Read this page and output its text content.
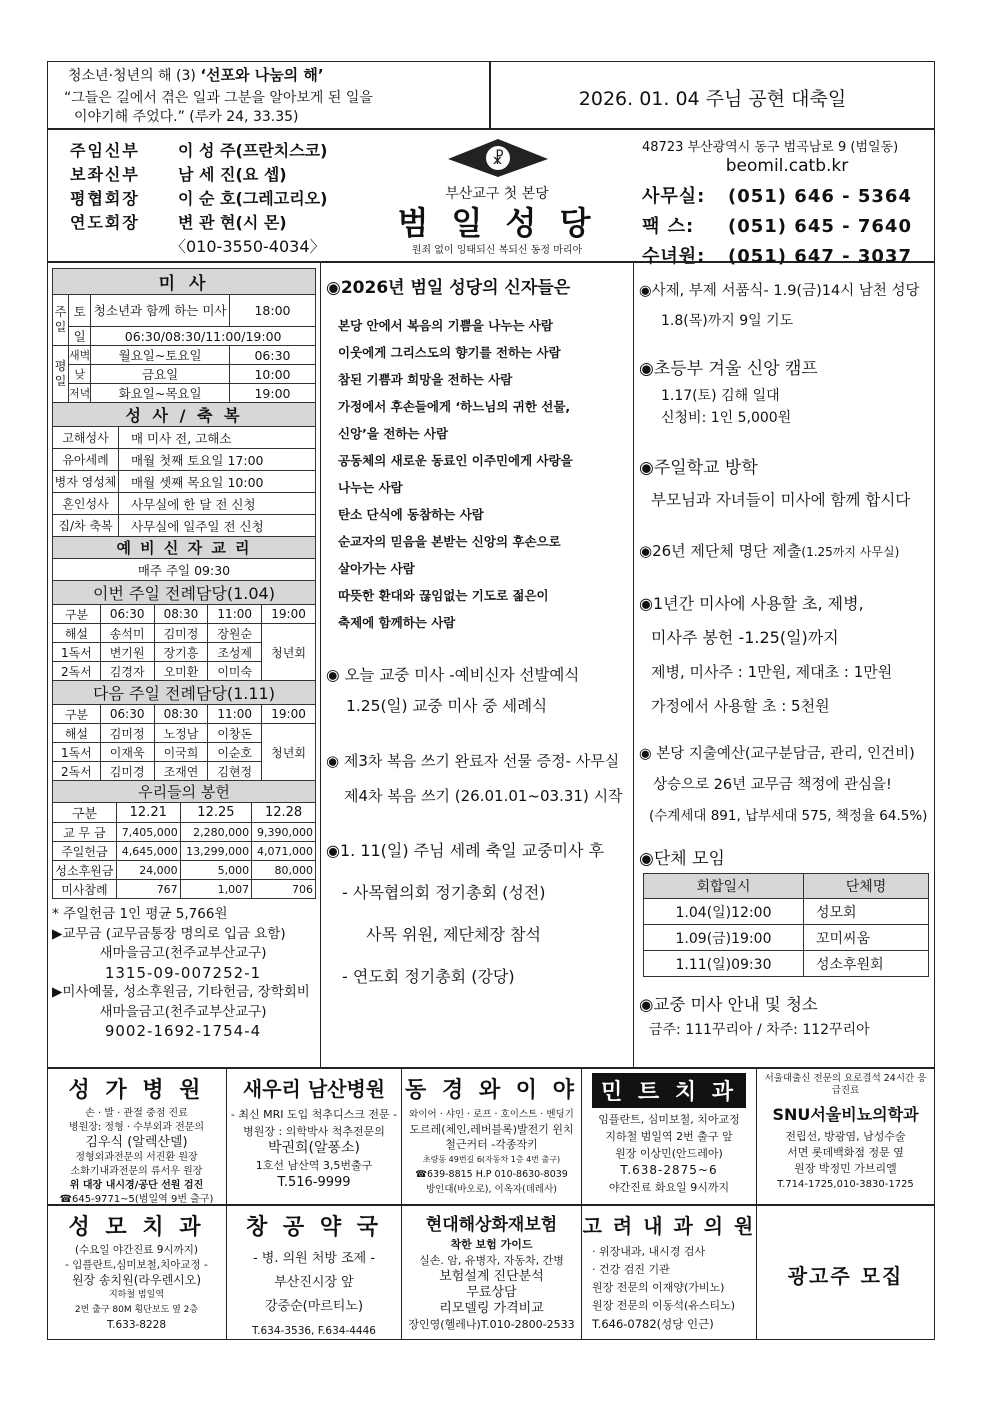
청소년·청년의 해 (3) ‘선포와 나눔의 해’
“그들은 길에서 겪은 일과 그분을 알아보게 된 일을
이야기해 주었다.” (루카 24, 33.35)
2026. 01. 04 주님 공현 대축일
주임신부 이 성 주(프란치스코)
보좌신부 남 세 진(요 셉)
평협회장 이 순 호(그레고리오)
연도회장 변 관 현(시 몬)
〈010-3550-4034〉
☧
부산교구 첫 본당
범 일 성 당
원죄 없이 잉태되신 복되신 동정 마리아
48723 부산광역시 동구 범곡남로 9 (범일동)
beomil.catb.kr
사무실: (051) 646 - 5364
팩 스: (051) 645 - 7640
수녀원: (051) 647 - 3037
미 사			
주일	토	청소년과 함께 하는 미사	18:00
	일	06:30/08:30/11:00/19:00	
평일	새벽	월요일~토요일	06:30
	낮	금요일	10:00
	저녁	화요일~목요일	19:00
성 사 / 축 복	
고해성사	매 미사 전, 고해소
유아세례	매월 첫째 토요일 17:00
병자 영성체	매월 셋째 목요일 10:00
혼인성사	사무실에 한 달 전 신청
집/차 축복	사무실에 일주일 전 신청
예 비 신 자 교 리	
매주 주일 09:30	
이번 주일 전례담당(1.04)				
구분	06:30	08:30	11:00	19:00
해설	송석미	김미정	장원순	청년회
1독서	변기원	장기흥	조성제	
2독서	김경자	오미환	이미숙	
다음 주일 전례담당(1.11)				
구분	06:30	08:30	11:00	19:00
해설	김미정	노정남	이창돈	청년회
1독서	이재욱	이국희	이순호	
2독서	김미경	조재연	김현정	
우리들의 봉헌			
구분	12.21	12.25	12.28
교 무 금	7,405,000	2,280,000	9,390,000
주일헌금	4,645,000	13,299,000	4,071,000
성소후원금	24,000	5,000	80,000
미사참례	767	1,007	706
* 주일헌금 1인 평균 5,766원
▶교무금 (교무금통장 명의로 입금 요함)
새마을금고(천주교부산교구)
1315-09-007252-1
▶미사예물, 성소후원금, 기타헌금, 장학회비
새마을금고(천주교부산교구)
9002-1692-1754-4
◉2026년 범일 성당의 신자들은
본당 안에서 복음의 기쁨을 나누는 사람
이웃에게 그리스도의 향기를 전하는 사람
참된 기쁨과 희망을 전하는 사람
가정에서 후손들에게 ‘하느님의 귀한 선물,
신앙’을 전하는 사람
공동체의 새로운 동료인 이주민에게 사랑을
나누는 사람
탄소 단식에 동참하는 사람
순교자의 믿음을 본받는 신앙의 후손으로
살아가는 사람
따뜻한 환대와 끊임없는 기도로 젊은이
축제에 함께하는 사람
◉ 오늘 교중 미사 -예비신자 선발예식
1.25(일) 교중 미사 중 세례식
◉ 제3차 복음 쓰기 완료자 선물 증정- 사무실
제4차 복음 쓰기 (26.01.01~03.31) 시작
◉1. 11(일) 주님 세례 축일 교중미사 후
- 사목협의회 정기총회 (성전)
사목 위원, 제단체장 참석
- 연도회 정기총회 (강당)
◉사제, 부제 서품식- 1.9(금)14시 남천 성당
1.8(목)까지 9일 기도
◉초등부 겨울 신앙 캠프
1.17(토) 김해 일대
신청비: 1인 5,000원
◉주일학교 방학
부모님과 자녀들이 미사에 함께 합시다
◉26년 제단체 명단 제출(1.25까지 사무실)
◉1년간 미사에 사용할 초, 제병,
미사주 봉헌 -1.25(일)까지
제병, 미사주 : 1만원, 제대초 : 1만원
가정에서 사용할 초 : 5천원
◉ 본당 지출예산(교구분담금, 관리, 인건비)
상승으로 26년 교무금 책정에 관심을!
(수계세대 891, 납부세대 575, 책정율 64.5%)
◉단체 모임
회합일시	단체명
1.04(일)12:00	성모회
1.09(금)19:00	꼬미씨움
1.11(일)09:30	성소후원회
◉교중 미사 안내 및 청소
금주: 111꾸리아 / 차주: 112꾸리아
성 가 병 원
손 · 발 · 관절 중점 진료
병원장: 정형 · 수부외과 전문의
김우식 (알렉산델)
정형외과전문의 서진환 원장
소화기내과전문의 류서우 원장
위 대장 내시경/공단 선원 검진
☎645-9771~5(범일역 9번 출구)
새우리 남산병원
- 최신 MRI 도입 척추디스크 전문 -
병원장 : 의학박사 척추전문의
박권희(알퐁소)
1호선 남산역 3,5번출구
T.516-9999
동 경 와 이 야
와이어 · 샤인 · 로프 · 호이스트 · 벤딩기
도르레(체인,레버블록)발전기 윈치
철근커터 -각종작키
초량동 49번길 6(자동차 1층 4번 출구)
☎639-8815 H.P 010-8630-8039
방인대(바오로), 이옥자(데레사)
민 트 치 과
임플란트, 심미보철, 치아교정
지하철 범일역 2번 출구 앞
원장 이상민(안드레아)
T.638-2875~6
야간진료 화요일 9시까지
서울대출신 전문의 요로결석 24시간 응급진료
SNU서울비뇨의학과
전립선, 방광염, 남성수술
서면 롯데백화점 정문 옆
원장 박정민 가브리엘
T.714-1725,010-3830-1725
성 모 치 과
(수요일 야간진료 9시까지)
- 임플란트,심미보철,치아교정 -
원장 송치원(라우렌시오)
지하철 범일역
2번 출구 80M 횡단보도 옆 2층
T.633-8228
창 공 약 국
- 병. 의원 처방 조제 -
부산진시장 앞
강중순(마르티노)
T.634-3536, F.634-4446
현대해상화재보험
착한 보험 가이드
실손. 암, 유병자, 자동차, 간병
보험설계 진단분석
무료상담
리모델링 가격비교
장인영(헬레나)T.010-2800-2533
고 려 내 과 의 원
· 위장내과, 내시경 검사
· 건강 검진 기관
원장 전문의 이재양(가비노)
원장 전문의 이동석(유스티노)
T.646-0782(성당 인근)
광고주 모집
